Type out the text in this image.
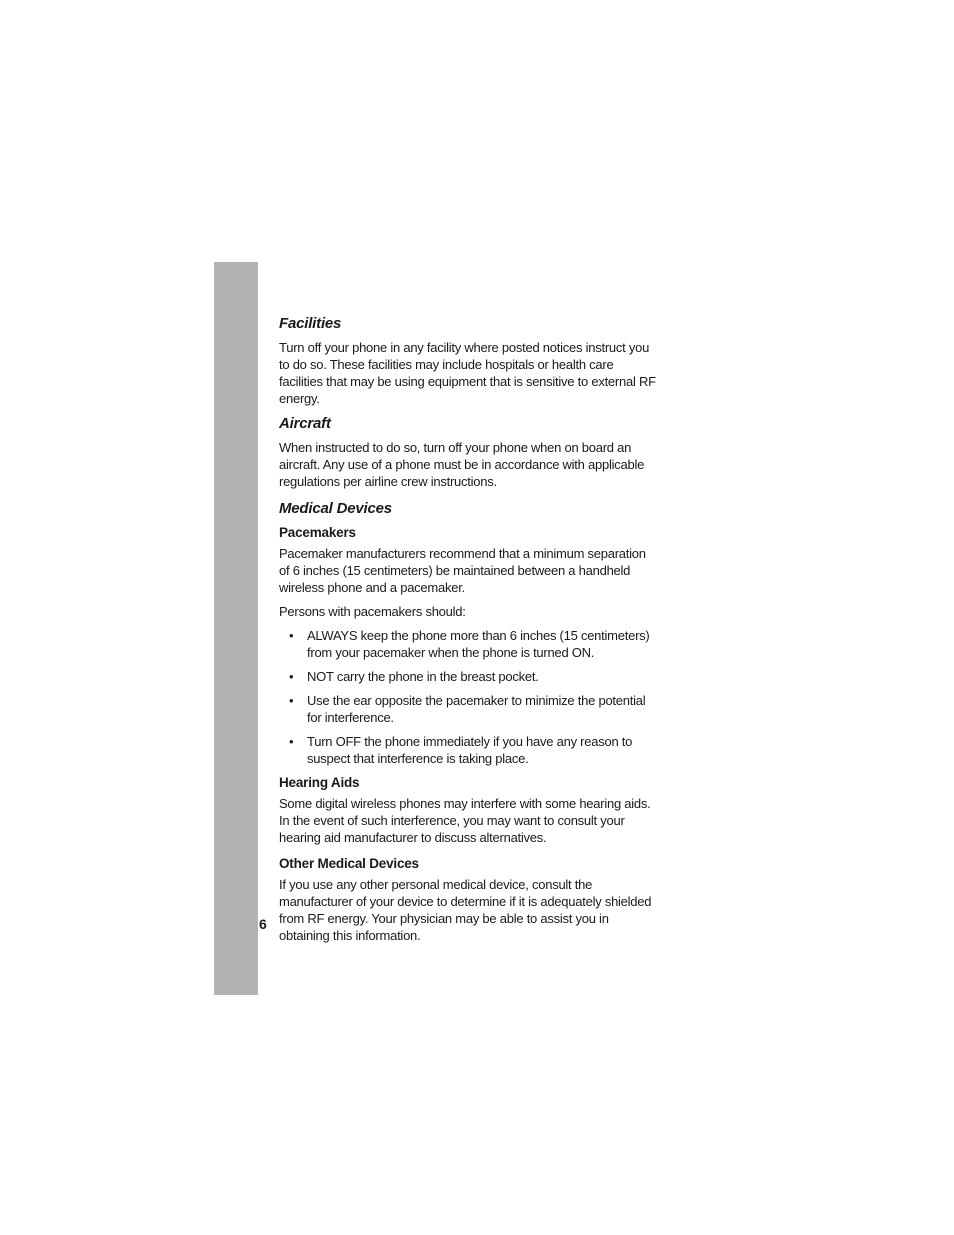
6
Facilities

Turn off your phone in any facility where posted notices instruct you to do so. These facilities may include hospitals or health care facilities that may be using equipment that is sensitive to external RF energy.

Aircraft

When instructed to do so, turn off your phone when on board an aircraft. Any use of a phone must be in accordance with applicable regulations per airline crew instructions.

Medical Devices
Pacemakers

Pacemaker manufacturers recommend that a minimum separation of 6 inches (15 centimeters) be maintained between a handheld wireless phone and a pacemaker.

Persons with pacemakers should:

• ALWAYS keep the phone more than 6 inches (15 centimeters) from your pacemaker when the phone is turned ON.
• NOT carry the phone in the breast pocket.
• Use the ear opposite the pacemaker to minimize the potential for interference.
• Turn OFF the phone immediately if you have any reason to suspect that interference is taking place.
Hearing Aids

Some digital wireless phones may interfere with some hearing aids. In the event of such interference, you may want to consult your hearing aid manufacturer to discuss alternatives.

Other Medical Devices

If you use any other personal medical device, consult the manufacturer of your device to determine if it is adequately shielded from RF energy. Your physician may be able to assist you in obtaining this information.
